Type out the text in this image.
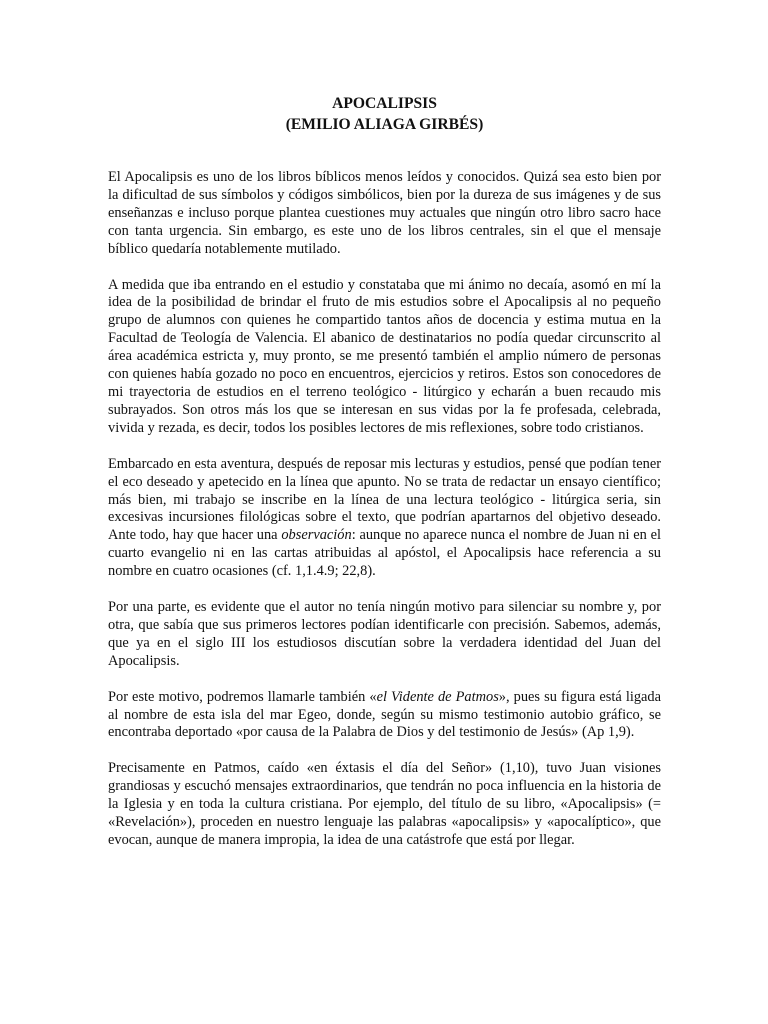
APOCALIPSIS
(EMILIO ALIAGA GIRBÉS)

El Apocalipsis es uno de los libros bíblicos menos leídos y conocidos. Quizá sea esto bien por la dificultad de sus símbolos y códigos simbólicos, bien por la dureza de sus imágenes y de sus enseñanzas e incluso porque plantea cuestiones muy actuales que ningún otro libro sacro hace con tanta urgencia. Sin embargo, es este uno de los libros centrales, sin el que el mensaje bíblico quedaría notablemente mutilado.

A medida que iba entrando en el estudio y constataba que mi ánimo no decaía, asomó en mí la idea de la posibilidad de brindar el fruto de mis estudios sobre el Apocalipsis al no pequeño grupo de alumnos con quienes he compartido tantos años de docencia y estima mutua en la Facultad de Teología de Valencia. El abanico de destinatarios no podía quedar circunscrito al área académica estricta y, muy pronto, se me presentó también el amplio número de personas con quienes había gozado no poco en encuentros, ejercicios y retiros. Estos son conocedores de mi trayectoria de estudios en el terreno teológico - litúrgico y echarán a buen recaudo mis subrayados. Son otros más los que se interesan en sus vidas por la fe profesada, celebrada, vivida y rezada, es decir, todos los posibles lectores de mis reflexiones, sobre todo cristianos.

Embarcado en esta aventura, después de reposar mis lecturas y estudios, pensé que podían tener el eco deseado y apetecido en la línea que apunto. No se trata de redactar un ensayo científico; más bien, mi trabajo se inscribe en la línea de una lectura teológico - litúrgica seria, sin excesivas incursiones filológicas sobre el texto, que podrían apartarnos del objetivo deseado. Ante todo, hay que hacer una observación: aunque no aparece nunca el nombre de Juan ni en el cuarto evangelio ni en las cartas atribuidas al apóstol, el Apocalipsis hace referencia a su nombre en cuatro ocasiones (cf. 1,1.4.9; 22,8).

Por una parte, es evidente que el autor no tenía ningún motivo para silenciar su nombre y, por otra, que sabía que sus primeros lectores podían identificarle con precisión. Sabemos, además, que ya en el siglo III los estudiosos discutían sobre la verdadera identidad del Juan del Apocalipsis.

Por este motivo, podremos llamarle también «el Vidente de Patmos», pues su figura está ligada al nombre de esta isla del mar Egeo, donde, según su mismo testimonio autobio gráfico, se encontraba deportado «por causa de la Palabra de Dios y del testimonio de Jesús» (Ap 1,9).

Precisamente en Patmos, caído «en éxtasis el día del Señor» (1,10), tuvo Juan visiones grandiosas y escuchó mensajes extraordinarios, que tendrán no poca influencia en la historia de la Iglesia y en toda la cultura cristiana. Por ejemplo, del título de su libro, «Apocalipsis» (= «Revelación»), proceden en nuestro lenguaje las palabras «apocalipsis» y «apocalíptico», que evocan, aunque de manera impropia, la idea de una catástrofe que está por llegar.
